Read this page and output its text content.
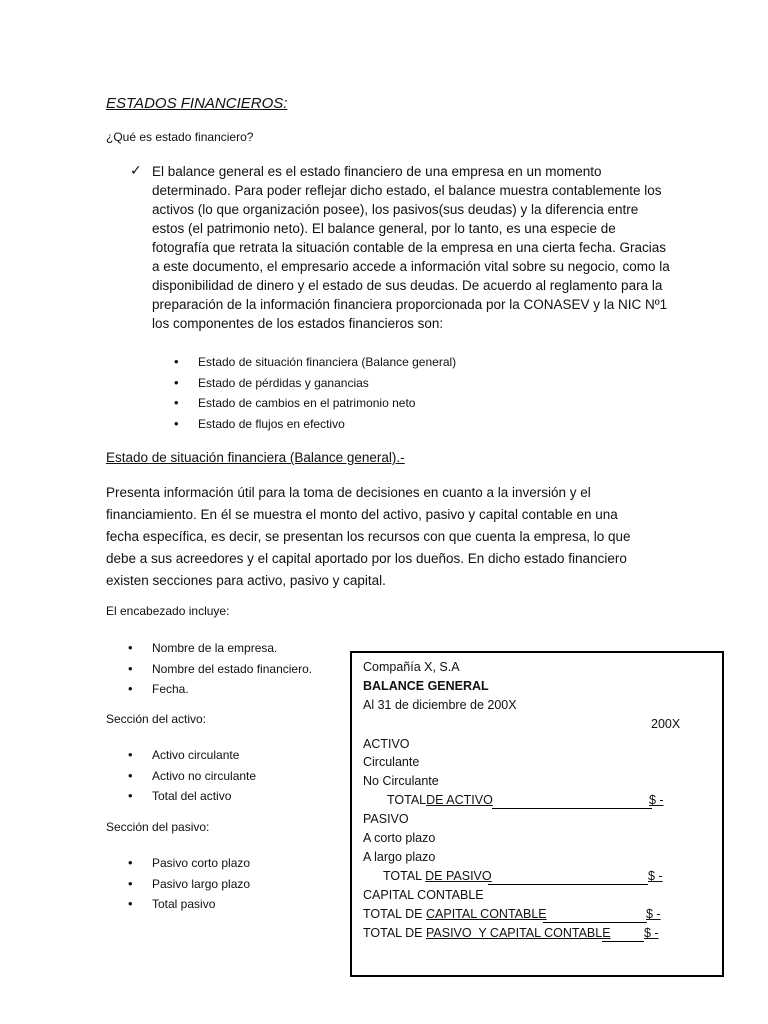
ESTADOS FINANCIEROS:
¿Qué es estado financiero?
✓ El balance general es el estado financiero de una empresa en un momento determinado. Para poder reflejar dicho estado, el balance muestra contablemente los activos (lo que organización posee), los pasivos(sus deudas) y la diferencia entre estos (el patrimonio neto). El balance general, por lo tanto, es una especie de fotografía que retrata la situación contable de la empresa en una cierta fecha. Gracias a este documento, el empresario accede a información vital sobre su negocio, como la disponibilidad de dinero y el estado de sus deudas. De acuerdo al reglamento para la preparación de la información financiera proporcionada por la CONASEV y la NIC Nº1 los componentes de los estados financieros son:
• Estado de situación financiera (Balance general)
• Estado de pérdidas y ganancias
• Estado de cambios en el patrimonio neto
• Estado de flujos en efectivo
Estado de situación financiera (Balance general).-
Presenta información útil para la toma de decisiones en cuanto a la inversión y el financiamiento. En él se muestra el monto del activo, pasivo y capital contable en una fecha específica, es decir, se presentan los recursos con que cuenta la empresa, lo que debe a sus acreedores y el capital aportado por los dueños. En dicho estado financiero existen secciones para activo, pasivo y capital.
El encabezado incluye:
• Nombre de la empresa.
• Nombre del estado financiero.
• Fecha.
Sección del activo:
• Activo circulante
• Activo no circulante
• Total del activo
Sección del pasivo:
• Pasivo corto plazo
• Pasivo largo plazo
• Total pasivo
Compañía X, S.A
BALANCE GENERAL
Al 31 de diciembre de 200X
200X
ACTIVO
Circulante
No Circulante
TOTALDE ACTIVO	$ -
PASIVO
A corto plazo
A largo plazo
TOTAL DE PASIVO	$ -
CAPITAL CONTABLE
TOTAL DE CAPITAL CONTABLE	$ -
TOTAL DE PASIVO  Y CAPITAL CONTABLE	$ -
